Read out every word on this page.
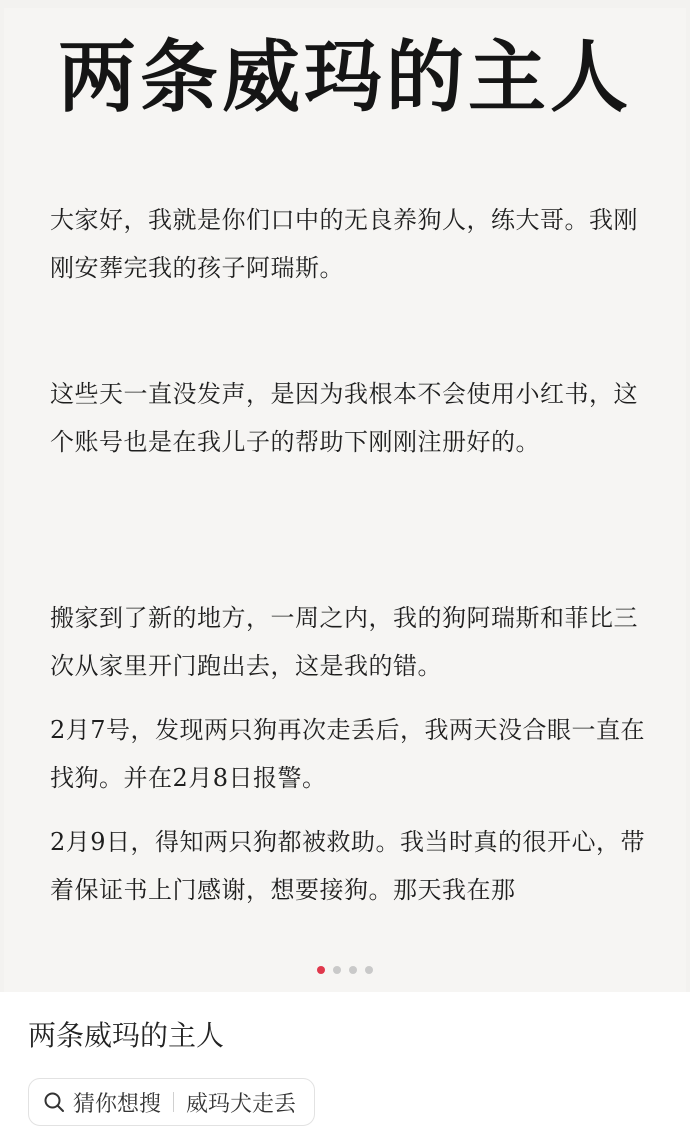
两条威玛的主人
大家好，我就是你们口中的无良养狗人，练大哥。我刚刚安葬完我的孩子阿瑞斯。
这些天一直没发声，是因为我根本不会使用小红书，这个账号也是在我儿子的帮助下刚刚注册好的。
搬家到了新的地方，一周之内，我的狗阿瑞斯和菲比三次从家里开门跑出去，这是我的错。
2月7号，发现两只狗再次走丢后，我两天没合眼一直在找狗。并在2月8日报警。
2月9日，得知两只狗都被救助。我当时真的很开心，带着保证书上门感谢，想要接狗。那天我在那
两条威玛的主人
猜你想搜 威玛犬走丢
